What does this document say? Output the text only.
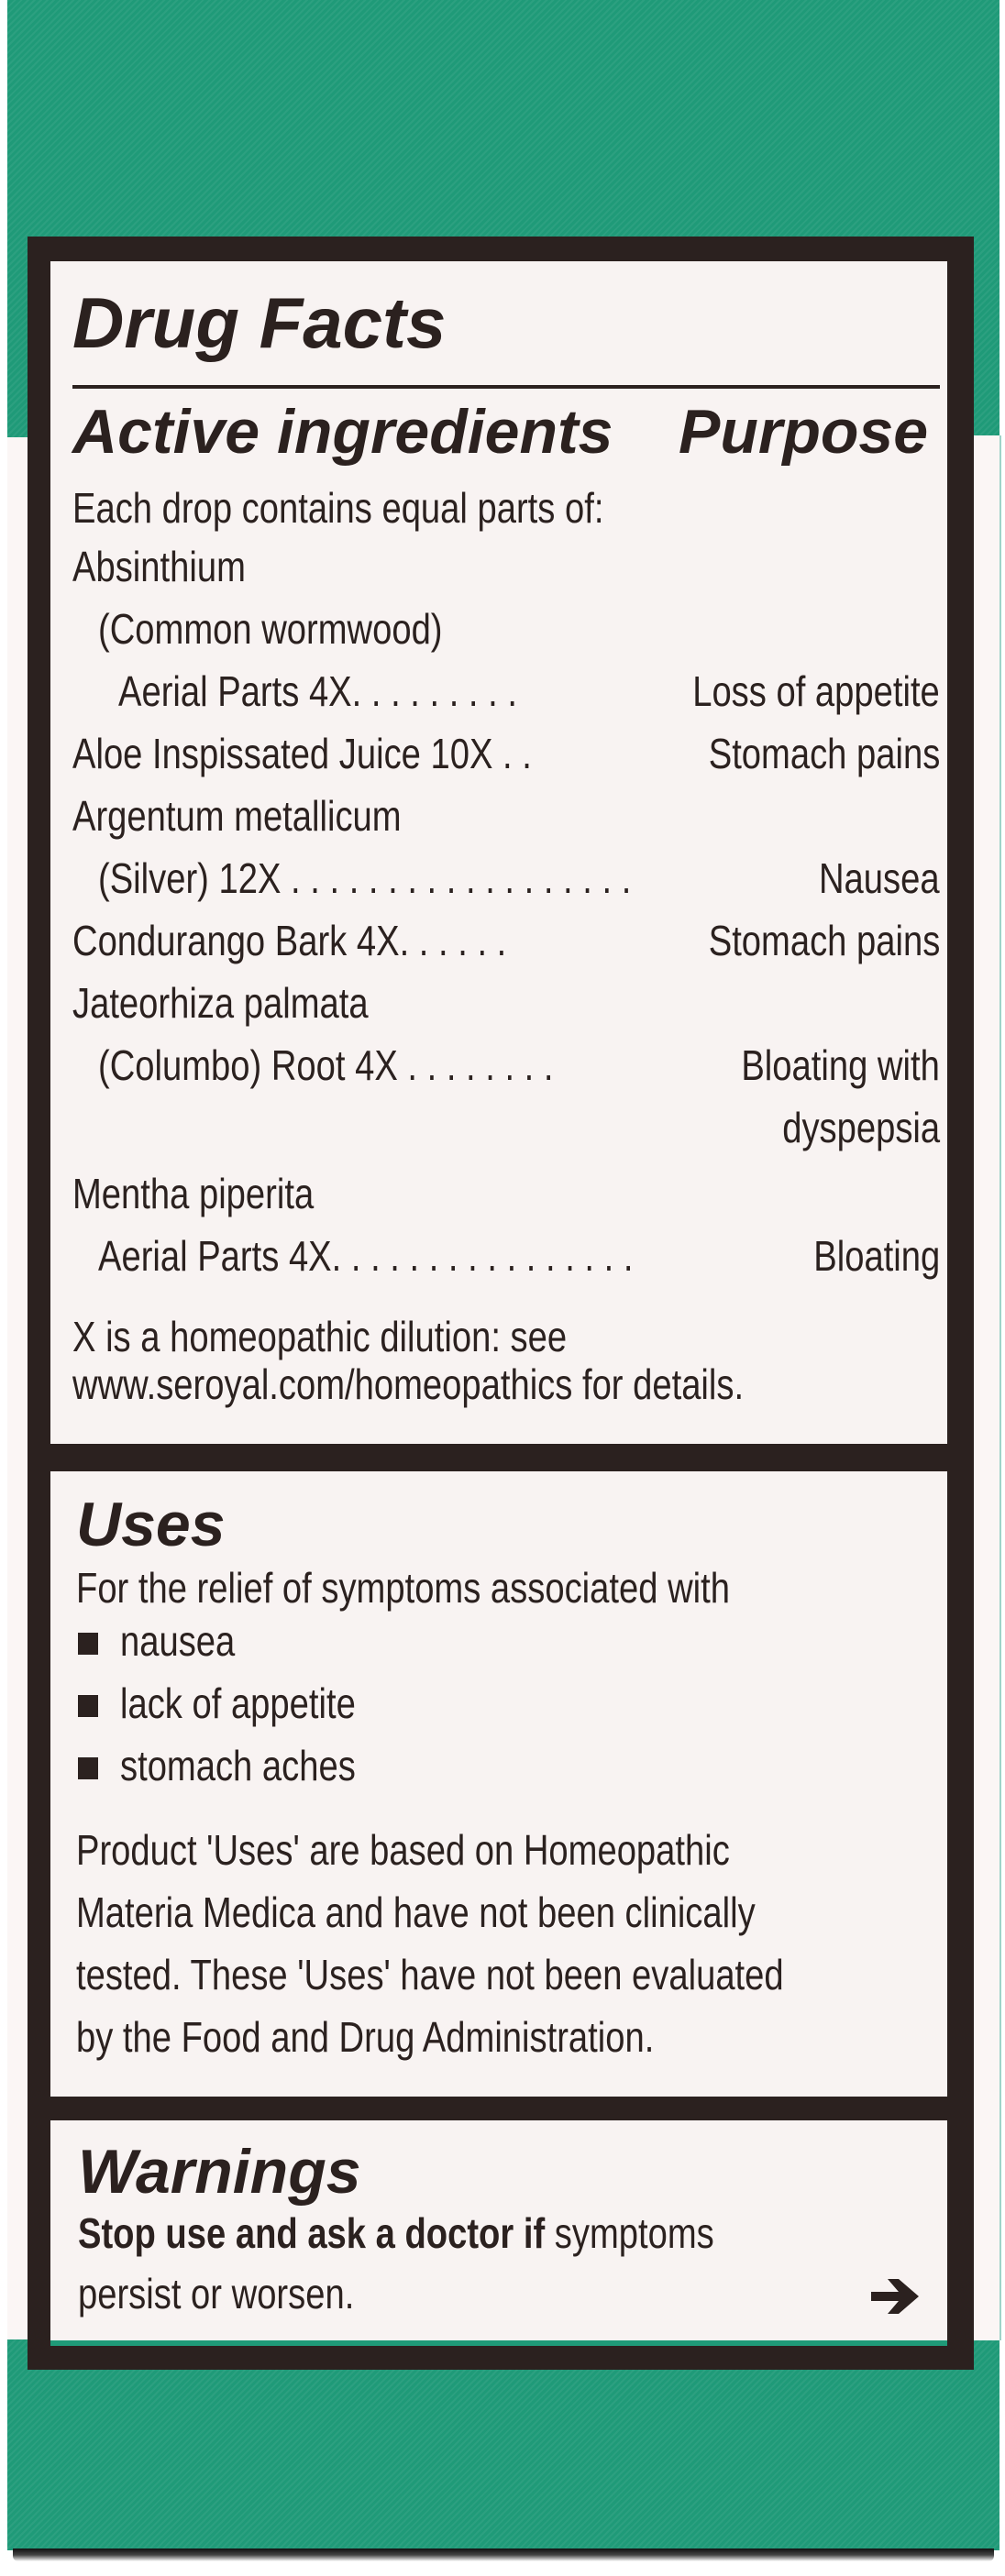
Drug Facts
Active ingredients Purpose
Each drop contains equal parts of:
Absinthium
(Common wormwood)
Aerial Parts 4X. . . . . . . . .	Loss of appetite
Aloe Inspissated Juice 10X . .	Stomach pains
Argentum metallicum
(Silver) 12X . . . . . . . . . . . . . . . . . .	Nausea
Condurango Bark 4X. . . . . .	Stomach pains
Jateorhiza palmata
(Columbo) Root 4X . . . . . . . .	Bloating with
dyspepsia
Mentha piperita
Aerial Parts 4X. . . . . . . . . . . . . . . .	Bloating
X is a homeopathic dilution: see
www.seroyal.com/homeopathics for details.
Uses
For the relief of symptoms associated with
nausea
lack of appetite
stomach aches
Product 'Uses' are based on Homeopathic
Materia Medica and have not been clinically
tested. These 'Uses' have not been evaluated
by the Food and Drug Administration.
Warnings
Stop use and ask a doctor if symptoms
persist or worsen.
